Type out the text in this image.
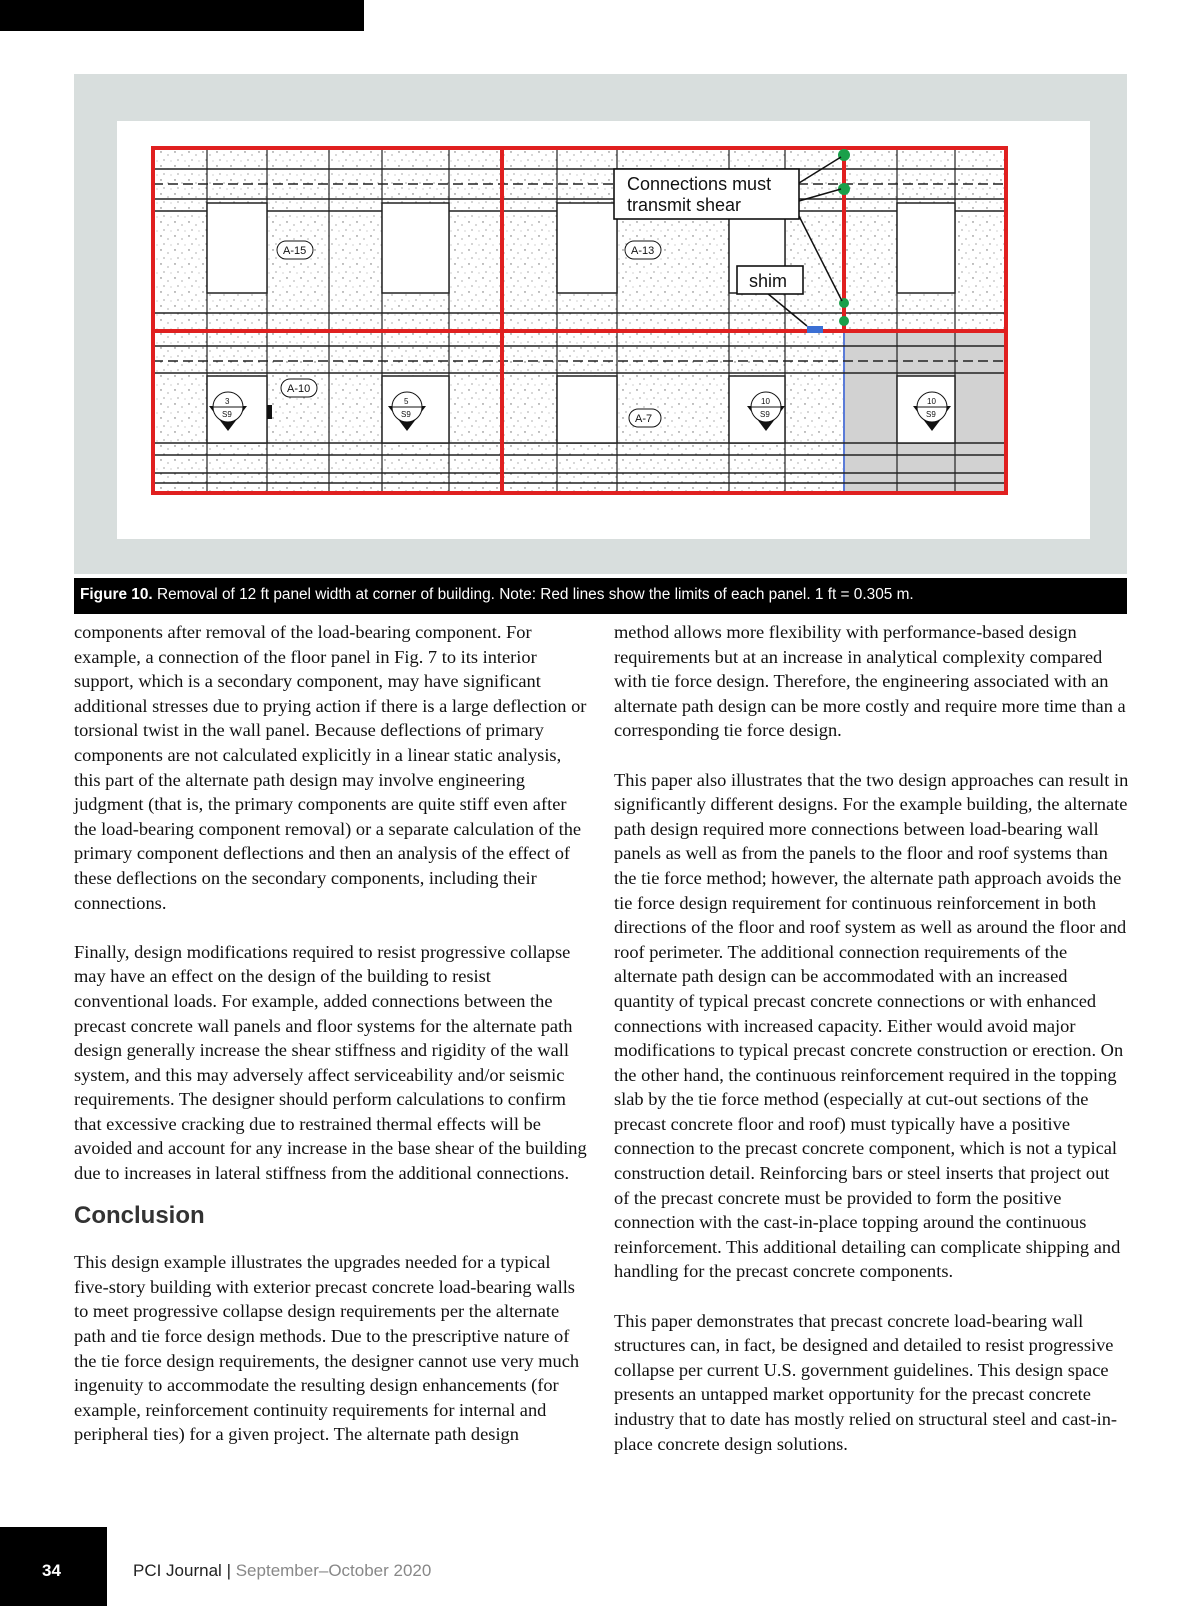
Connections must
transmit shear
shim
A-15	A-13
A-10
A-7
3
S9
5
S9
10
S9
10
S9
Figure 10. Removal of 12 ft panel width at corner of building. Note: Red lines show the limits of each panel. 1 ft = 0.305 m.

components after removal of the load-bearing component. For example, a connection of the floor panel in Fig. 7 to its interior support, which is a secondary component, may have significant additional stresses due to prying action if there is a large deflection or torsional twist in the wall panel. Because deflections of primary components are not calculated explicitly in a linear static analysis, this part of the alternate path design may involve engineering judgment (that is, the primary components are quite stiff even after the load-bearing component removal) or a separate calculation of the primary component deflections and then an analysis of the effect of these deflections on the secondary components, including their connections.

Finally, design modifications required to resist progressive collapse may have an effect on the design of the building to resist conventional loads. For example, added connections between the precast concrete wall panels and floor systems for the alternate path design generally increase the shear stiffness and rigidity of the wall system, and this may adversely affect serviceability and/or seismic requirements. The designer should perform calculations to confirm that excessive cracking due to restrained thermal effects will be avoided and account for any increase in the base shear of the building due to increases in lateral stiffness from the additional connections.

Conclusion

This design example illustrates the upgrades needed for a typical five-story building with exterior precast concrete load-bearing walls to meet progressive collapse design requirements per the alternate path and tie force design methods. Due to the prescriptive nature of the tie force design requirements, the designer cannot use very much ingenuity to accommodate the resulting design enhancements (for example, reinforcement continuity requirements for internal and peripheral ties) for a given project. The alternate path design

method allows more flexibility with performance-based design requirements but at an increase in analytical complexity compared with tie force design. Therefore, the engineering associated with an alternate path design can be more costly and require more time than a corresponding tie force design.

This paper also illustrates that the two design approaches can result in significantly different designs. For the example building, the alternate path design required more connections between load-bearing wall panels as well as from the panels to the floor and roof systems than the tie force method; however, the alternate path approach avoids the tie force design requirement for continuous reinforcement in both directions of the floor and roof system as well as around the floor and roof perimeter. The additional connection requirements of the alternate path design can be accommodated with an increased quantity of typical precast concrete connections or with enhanced connections with increased capacity. Either would avoid major modifications to typical precast concrete construction or erection. On the other hand, the continuous reinforcement required in the topping slab by the tie force method (especially at cut-out sections of the precast concrete floor and roof) must typically have a positive connection to the precast concrete component, which is not a typical construction detail. Reinforcing bars or steel inserts that project out of the precast concrete must be provided to form the positive connection with the cast-in-place topping around the continuous reinforcement. This additional detailing can complicate shipping and handling for the precast concrete components.

This paper demonstrates that precast concrete load-bearing wall structures can, in fact, be designed and detailed to resist progressive collapse per current U.S. government guidelines. This design space presents an untapped market opportunity for the precast concrete industry that to date has mostly relied on structural steel and cast-in-place concrete design solutions.

34	PCI Journal | September–October 2020
